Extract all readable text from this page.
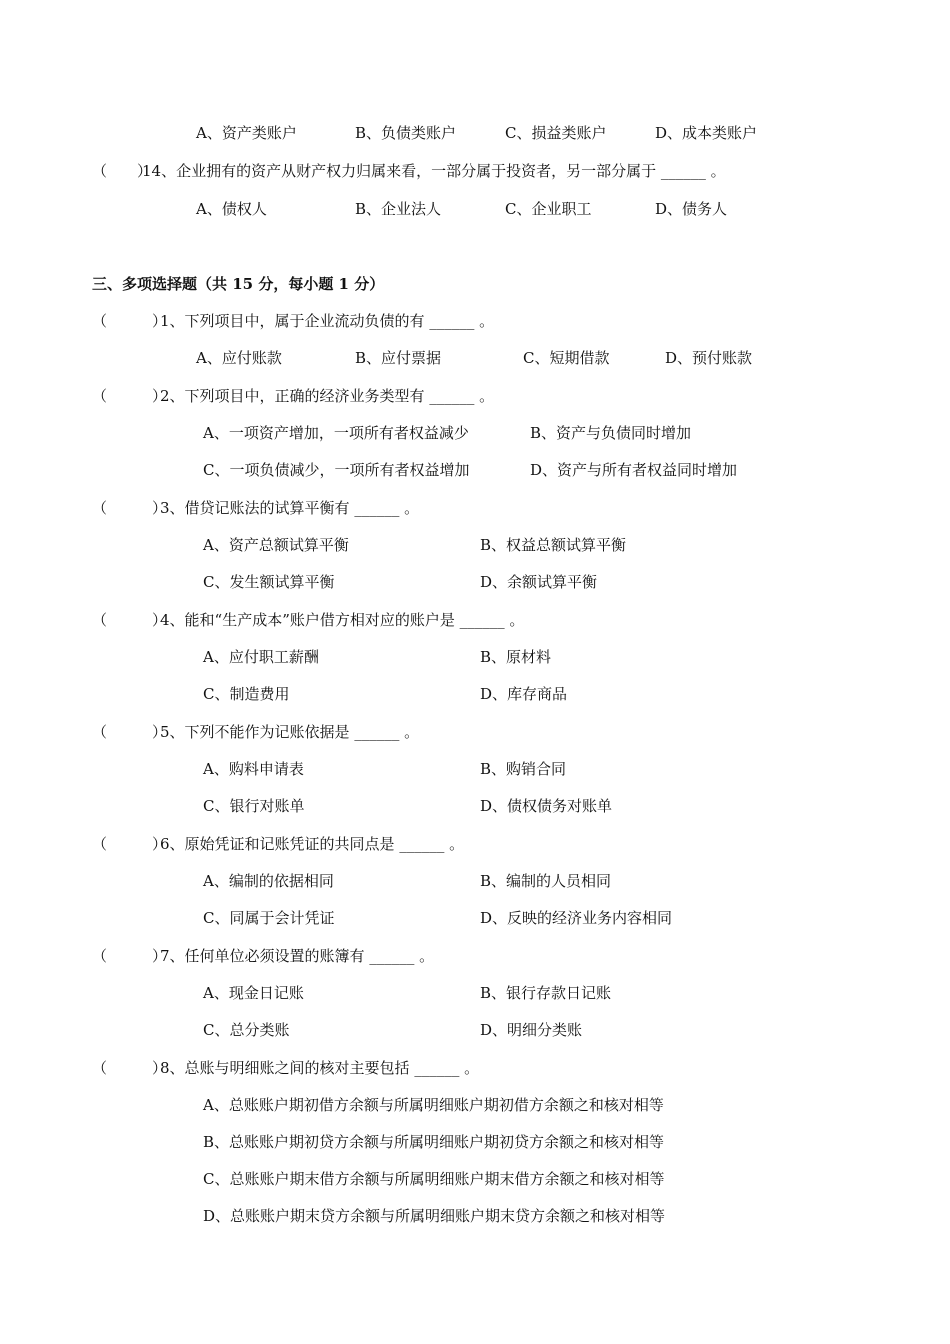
A、资产类账户	B、负债类账户	C、损益类账户	D、成本类账户
（　　）
14、企业拥有的资产从财产权力归属来看，一部分属于投资者，另一部分属于 ______ 。
A、债权人	B、企业法人	C、企业职工	D、债务人
三、多项选择题（共 15 分，每小题 1 分）
（　　　）
1、下列项目中，属于企业流动负债的有 ______ 。
A、应付账款	B、应付票据	C、短期借款	D、预付账款
（　　　）
2、下列项目中，正确的经济业务类型有 ______ 。
A、一项资产增加，一项所有者权益减少	B、资产与负债同时增加
C、一项负债减少，一项所有者权益增加	D、资产与所有者权益同时增加
（　　　）
3、借贷记账法的试算平衡有 ______ 。
A、资产总额试算平衡	B、权益总额试算平衡
C、发生额试算平衡	D、余额试算平衡
（　　　）
4、能和“生产成本”账户借方相对应的账户是 ______ 。
A、应付职工薪酬	B、原材料
C、制造费用	D、库存商品
（　　　）
5、下列不能作为记账依据是 ______ 。
A、购料申请表	B、购销合同
C、银行对账单	D、债权债务对账单
（　　　）
6、原始凭证和记账凭证的共同点是 ______ 。
A、编制的依据相同	B、编制的人员相同
C、同属于会计凭证	D、反映的经济业务内容相同
（　　　）
7、任何单位必须设置的账簿有 ______ 。
A、现金日记账	B、银行存款日记账
C、总分类账	D、明细分类账
（　　　）
8、总账与明细账之间的核对主要包括 ______ 。
A、总账账户期初借方余额与所属明细账户期初借方余额之和核对相等
B、总账账户期初贷方余额与所属明细账户期初贷方余额之和核对相等
C、总账账户期末借方余额与所属明细账户期末借方余额之和核对相等
D、总账账户期末贷方余额与所属明细账户期末贷方余额之和核对相等
